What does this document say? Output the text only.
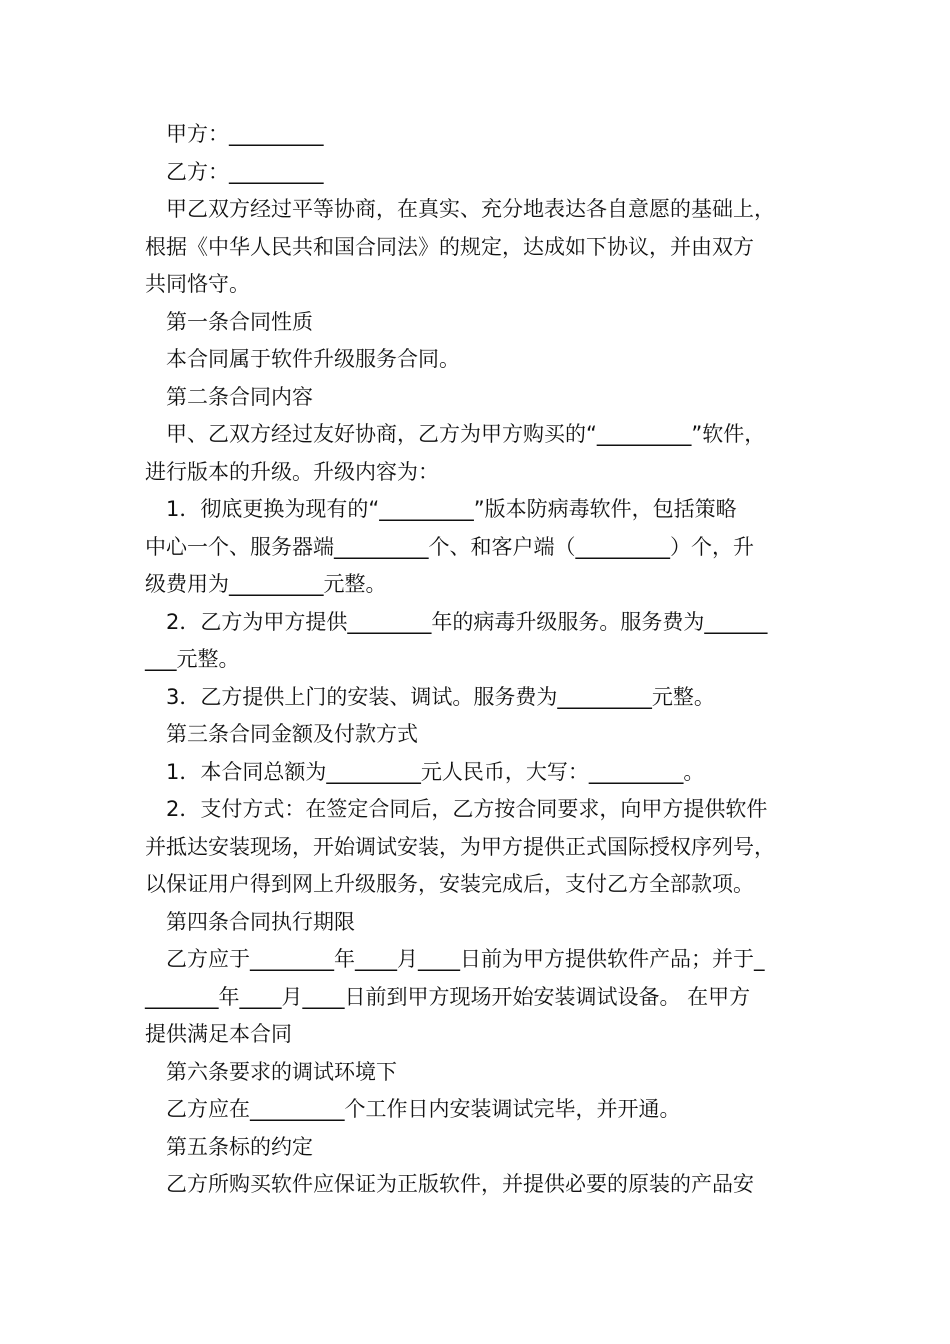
甲方：_________
乙方：_________
甲乙双方经过平等协商，在真实、充分地表达各自意愿的基础上，
根据《中华人民共和国合同法》的规定，达成如下协议，并由双方
共同恪守。
第一条合同性质
本合同属于软件升级服务合同。
第二条合同内容
甲、乙双方经过友好协商，乙方为甲方购买的“_________”软件，
进行版本的升级。升级内容为：
1．彻底更换为现有的“_________”版本防病毒软件，包括策略
中心一个、服务器端_________个、和客户端（_________）个，升
级费用为_________元整。
2．乙方为甲方提供________年的病毒升级服务。服务费为______
___元整。
3．乙方提供上门的安装、调试。服务费为_________元整。
第三条合同金额及付款方式
1．本合同总额为_________元人民币，大写：_________。
2．支付方式：在签定合同后，乙方按合同要求，向甲方提供软件
并抵达安装现场，开始调试安装，为甲方提供正式国际授权序列号，
以保证用户得到网上升级服务，安装完成后，支付乙方全部款项。
第四条合同执行期限
乙方应于________年____月____日前为甲方提供软件产品；并于_
_______年____月____日前到甲方现场开始安装调试设备。 在甲方
提供满足本合同
第六条要求的调试环境下
乙方应在_________个工作日内安装调试完毕，并开通。
第五条标的约定
乙方所购买软件应保证为正版软件，并提供必要的原装的产品安
